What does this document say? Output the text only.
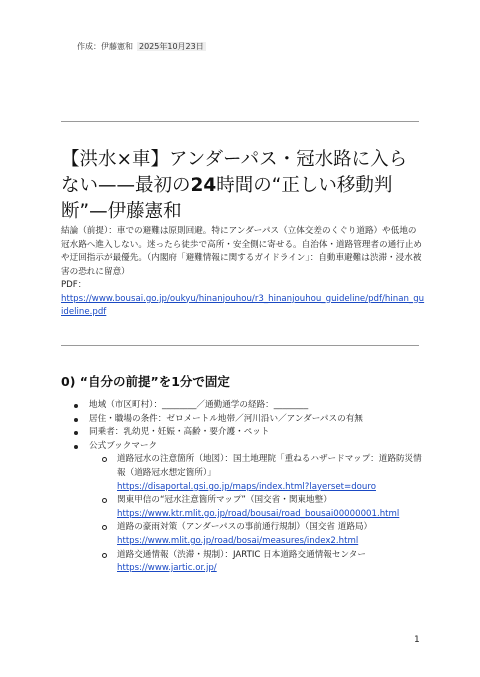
作成：伊藤憲和 2025年10月23日
【洪水×車】アンダーパス・冠水路に入らない——最初の24時間の“正しい移動判断”—伊藤憲和
結論（前提）：車での避難は原則回避。特にアンダーパス（立体交差のくぐり道路）や低地の冠水路へ進入しない。迷ったら徒歩で高所・安全側に寄せる。自治体・道路管理者の通行止めや迂回指示が最優先。（内閣府「避難情報に関するガイドライン」：自動車避難は渋滞・浸水被害の恐れに留意）
PDF：
https://www.bousai.go.jp/oukyu/hinanjouhou/r3_hinanjouhou_guideline/pdf/hinan_guideline.pdf
0) “自分の前提”を1分で固定
地域（市区町村）：________／通勤通学の経路：________
居住・職場の条件：ゼロメートル地帯／河川沿い／アンダーパスの有無
同乗者：乳幼児・妊娠・高齢・要介護・ペット
公式ブックマーク
道路冠水の注意箇所（地図）：国土地理院「重ねるハザードマップ：道路防災情報（道路冠水想定箇所）」
https://disaportal.gsi.go.jp/maps/index.html?layerset=douro
関東甲信の“冠水注意箇所マップ”（国交省・関東地整）
https://www.ktr.mlit.go.jp/road/bousai/road_bousai00000001.html
道路の豪雨対策（アンダーパスの事前通行規制）（国交省 道路局）
https://www.mlit.go.jp/road/bosai/measures/index2.html
道路交通情報（渋滞・規制）：JARTIC 日本道路交通情報センター
https://www.jartic.or.jp/
1
